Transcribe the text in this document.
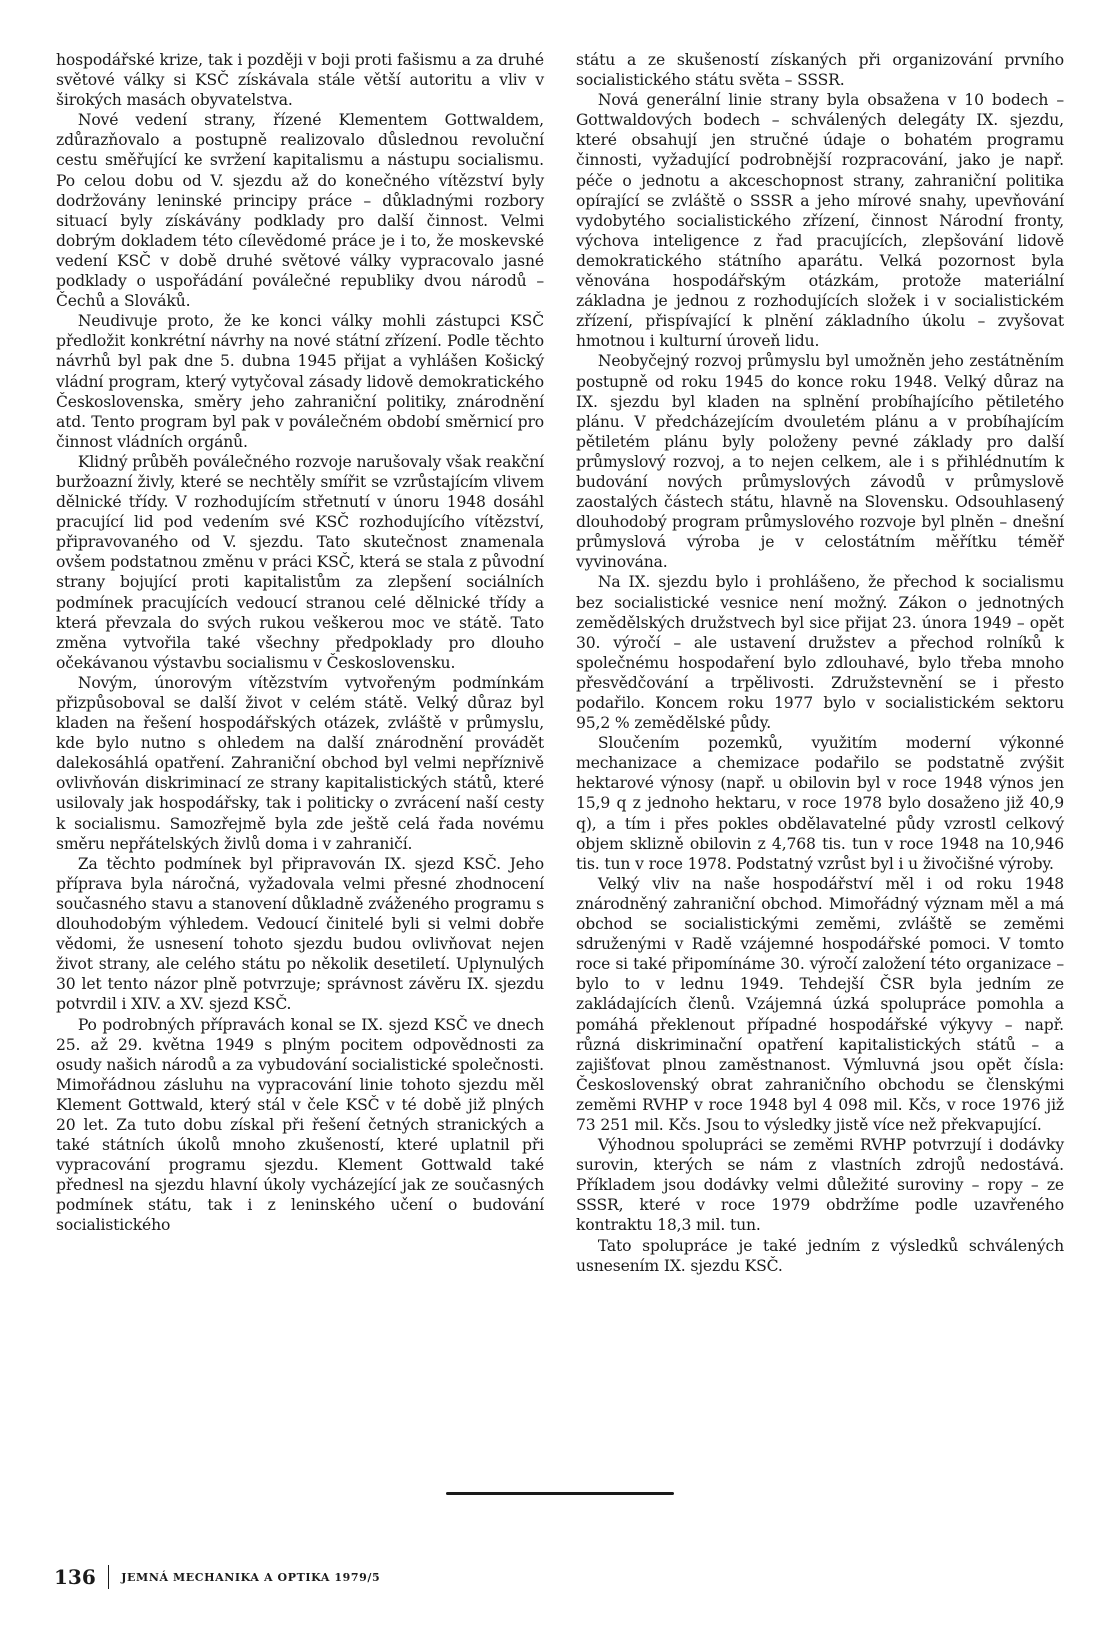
hospodářské krize, tak i později v boji proti fašismu a za druhé světové války si KSČ získávala stále větší autoritu a vliv v širokých masách obyvatelstva.

Nové vedení strany, řízené Klementem Gottwaldem, zdůrazňovalo a postupně realizovalo důslednou revoluční cestu směřující ke svržení kapitalismu a nástupu socialismu. Po celou dobu od V. sjezdu až do konečného vítězství byly dodržovány leninské principy práce – důkladnými rozbory situací byly získávány podklady pro další činnost. Velmi dobrým dokladem této cílevědomé práce je i to, že moskevské vedení KSČ v době druhé světové války vypracovalo jasné podklady o uspořádání poválečné republiky dvou národů – Čechů a Slováků.

Neudivuje proto, že ke konci války mohli zástupci KSČ předložit konkrétní návrhy na nové státní zřízení. Podle těchto návrhů byl pak dne 5. dubna 1945 přijat a vyhlášen Košický vládní program, který vytyčoval zásady lidově demokratického Československa, směry jeho zahraniční politiky, znárodnění atd. Tento program byl pak v poválečném období směrnicí pro činnost vládních orgánů.

Klidný průběh poválečného rozvoje narušovaly však reakční buržoazní živly, které se nechtěly smířit se vzrůstajícím vlivem dělnické třídy. V rozhodujícím střetnutí v únoru 1948 dosáhl pracující lid pod vedením své KSČ rozhodujícího vítězství, připravovaného od V. sjezdu. Tato skutečnost znamenala ovšem podstatnou změnu v práci KSČ, která se stala z původní strany bojující proti kapitalistům za zlepšení sociálních podmínek pracujících vedoucí stranou celé dělnické třídy a která převzala do svých rukou veškerou moc ve státě. Tato změna vytvořila také všechny předpoklady pro dlouho očekávanou výstavbu socialismu v Československu.

Novým, únorovým vítězstvím vytvořeným podmínkám přizpůsoboval se další život v celém státě. Velký důraz byl kladen na řešení hospodářských otázek, zvláště v průmyslu, kde bylo nutno s ohledem na další znárodnění provádět dalekosáhlá opatření. Zahraniční obchod byl velmi nepříznivě ovlivňován diskriminací ze strany kapitalistických států, které usilovaly jak hospodářsky, tak i politicky o zvrácení naší cesty k socialismu. Samozřejmě byla zde ještě celá řada novému směru nepřátelských živlů doma i v zahraničí.

Za těchto podmínek byl připravován IX. sjezd KSČ. Jeho příprava byla náročná, vyžadovala velmi přesné zhodnocení současného stavu a stanovení důkladně zváženého programu s dlouhodobým výhledem. Vedoucí činitelé byli si velmi dobře vědomi, že usnesení tohoto sjezdu budou ovlivňovat nejen život strany, ale celého státu po několik desetiletí. Uplynulých 30 let tento názor plně potvrzuje; správnost závěru IX. sjezdu potvrdil i XIV. a XV. sjezd KSČ.

Po podrobných přípravách konal se IX. sjezd KSČ ve dnech 25. až 29. května 1949 s plným pocitem odpovědnosti za osudy našich národů a za vybudování socialistické společnosti. Mimořádnou zásluhu na vypracování linie tohoto sjezdu měl Klement Gottwald, který stál v čele KSČ v té době již plných 20 let. Za tuto dobu získal při řešení četných stranických a také státních úkolů mnoho zkušeností, které uplatnil při vypracování programu sjezdu. Klement Gottwald také přednesl na sjezdu hlavní úkoly vycházející jak ze současných podmínek státu, tak i z leninského učení o budování socialistického

státu a ze skušeností získaných při organizování prvního socialistického státu světa – SSSR.

Nová generální linie strany byla obsažena v 10 bodech – Gottwaldových bodech – schválených delegáty IX. sjezdu, které obsahují jen stručné údaje o bohatém programu činnosti, vyžadující podrobnější rozpracování, jako je např. péče o jednotu a akceschopnost strany, zahraniční politika opírající se zvláště o SSSR a jeho mírové snahy, upevňování vydobytého socialistického zřízení, činnost Národní fronty, výchova inteligence z řad pracujících, zlepšování lidově demokratického státního aparátu. Velká pozornost byla věnována hospodářským otázkám, protože materiální základna je jednou z rozhodujících složek i v socialistickém zřízení, přispívající k plnění základního úkolu – zvyšovat hmotnou i kulturní úroveň lidu.

Neobyčejný rozvoj průmyslu byl umožněn jeho zestátněním postupně od roku 1945 do konce roku 1948. Velký důraz na IX. sjezdu byl kladen na splnění probíhajícího pětiletého plánu. V předcházejícím dvouletém plánu a v probíhajícím pětiletém plánu byly položeny pevné základy pro další průmyslový rozvoj, a to nejen celkem, ale i s přihlédnutím k budování nových průmyslových závodů v průmyslově zaostalých částech státu, hlavně na Slovensku. Odsouhlasený dlouhodobý program průmyslového rozvoje byl plněn – dnešní průmyslová výroba je v celostátním měřítku téměř vyvinována.

Na IX. sjezdu bylo i prohlášeno, že přechod k socialismu bez socialistické vesnice není možný. Zákon o jednotných zemědělských družstvech byl sice přijat 23. února 1949 – opět 30. výročí – ale ustavení družstev a přechod rolníků k společnému hospodaření bylo zdlouhavé, bylo třeba mnoho přesvědčování a trpělivosti. Združstevnění se i přesto podařilo. Koncem roku 1977 bylo v socialistickém sektoru 95,2 % zemědělské půdy.

Sloučením pozemků, využitím moderní výkonné mechanizace a chemizace podařilo se podstatně zvýšit hektarové výnosy (např. u obilovin byl v roce 1948 výnos jen 15,9 q z jednoho hektaru, v roce 1978 bylo dosaženo již 40,9 q), a tím i přes pokles obdělavatelné půdy vzrostl celkový objem sklizně obilovin z 4,768 tis. tun v roce 1948 na 10,946 tis. tun v roce 1978. Podstatný vzrůst byl i u živočišné výroby.

Velký vliv na naše hospodářství měl i od roku 1948 znárodněný zahraniční obchod. Mimořádný význam měl a má obchod se socialistickými zeměmi, zvláště se zeměmi sdruženými v Radě vzájemné hospodářské pomoci. V tomto roce si také připomínáme 30. výročí založení této organizace – bylo to v lednu 1949. Tehdejší ČSR byla jedním ze zakládajících členů. Vzájemná úzká spolupráce pomohla a pomáhá překlenout případné hospodářské výkyvy – např. různá diskriminační opatření kapitalistických států – a zajišťovat plnou zaměstnanost. Výmluvná jsou opět čísla: Československý obrat zahraničního obchodu se členskými zeměmi RVHP v roce 1948 byl 4 098 mil. Kčs, v roce 1976 již 73 251 mil. Kčs. Jsou to výsledky jistě více než překvapující.

Výhodnou spolupráci se zeměmi RVHP potvrzují i dodávky surovin, kterých se nám z vlastních zdrojů nedostává. Příkladem jsou dodávky velmi důležité suroviny – ropy – ze SSSR, které v roce 1979 obdržíme podle uzavřeného kontraktu 18,3 mil. tun.

Tato spolupráce je také jedním z výsledků schválených usnesením IX. sjezdu KSČ.

136 JEMNÁ MECHANIKA A OPTIKA 1979/5
